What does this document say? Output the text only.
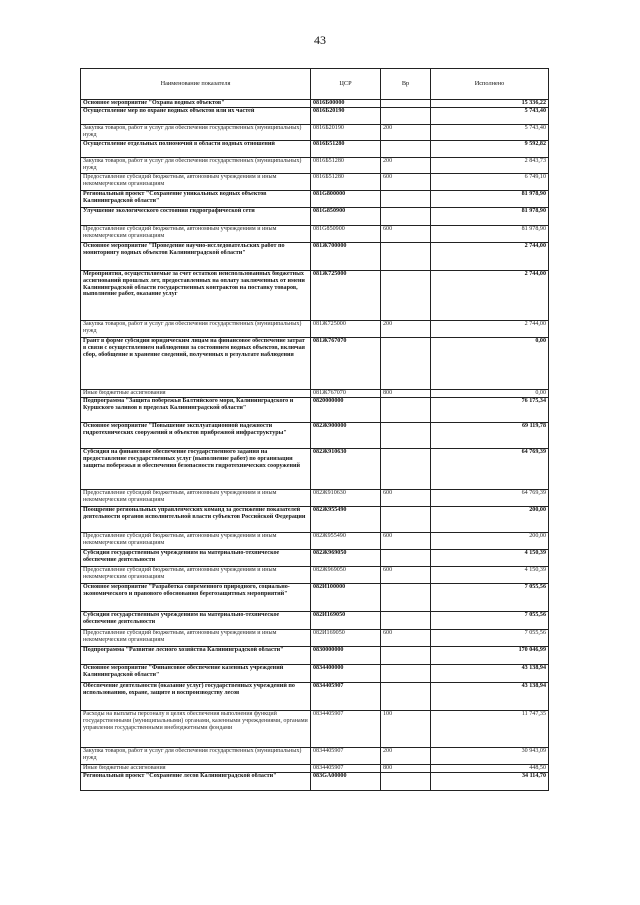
43
Наименование показателя	ЦСР	Вр	Исполнено
Основное мероприятие "Охрана водных объектов"	0816Б00000		15 336,22
Осуществление мер по охране водных объектов или их частей	0816Б20190		5 743,40
Закупка товаров, работ и услуг для обеспечения государственных (муниципальных) нужд	0816Б20190	200	5 743,40
Осуществление отдельных полномочий в области водных отношений	0816Б51280		9 592,82
Закупка товаров, работ и услуг для обеспечения государственных (муниципальных) нужд	0816Б51280	200	2 843,73
Предоставление субсидий бюджетным, автономным учреждениям и иным некоммерческим организациям	0816Б51280	600	6 749,10
Региональный проект "Сохранение уникальных водных объектов Калининградской области"	081G800000		81 978,90
Улучшение экологического состояния гидрографической сети	081G850900		81 978,90
Предоставление субсидий бюджетным, автономным учреждениям и иным некоммерческим организациям	081G850900	600	81 978,90
Основное мероприятие "Проведение научно-исследовательских работ по мониторингу водных объектов Калининградской области"	081Ж700000		2 744,00
Мероприятия, осуществляемые за счет остатков неиспользованных бюджетных ассигнований прошлых лет, предоставленных на оплату заключенных от имени Калининградской области государственных контрактов на поставку товаров, выполнение работ, оказание услуг	081Ж725000		2 744,00
Закупка товаров, работ и услуг для обеспечения государственных (муниципальных) нужд	081Ж725000	200	2 744,00
Грант в форме субсидии юридическим лицам на финансовое обеспечение затрат в связи с осуществлением наблюдения за состоянием водных объектов, включая сбор, обобщение и хранение сведений, полученных в результате наблюдения	081Ж767070		0,00
Иные бюджетные ассигнования	081Ж767070	800	0,00
Подпрограмма "Защита побережья Балтийского моря, Калининградского и Куршского заливов в пределах Калининградской области"	0820000000		76 175,34
Основное мероприятие "Повышение эксплуатационной надежности гидротехнических сооружений и объектов прибрежной инфраструктуры"	082Ж900000		69 119,78
Субсидия на финансовое обеспечение государственного задания на предоставление государственных услуг (выполнение работ) по организации защиты побережья и обеспечения безопасности гидротехнических сооружений	082Ж910630		64 769,39
Предоставление субсидий бюджетным, автономным учреждениям и иным некоммерческим организациям	082Ж910630	600	64 769,39
Поощрение региональных управленческих команд за достижение показателей деятельности органов исполнительной власти субъектов Российской Федерации	082Ж955490		200,00
Предоставление субсидий бюджетным, автономным учреждениям и иным некоммерческим организациям	082Ж955490	600	200,00
Субсидии государственным учреждениям на материально-техническое обеспечение деятельности	082Ж969050		4 150,39
Предоставление субсидий бюджетным, автономным учреждениям и иным некоммерческим организациям	082Ж969050	600	4 150,39
Основное мероприятие "Разработка современного природного, социально-экономического и правового обоснования берегозащитных мероприятий"	082И100000		7 055,56
Субсидии государственным учреждениям на материально-техническое обеспечение деятельности	082И169050		7 055,56
Предоставление субсидий бюджетным, автономным учреждениям и иным некоммерческим организациям	082И169050	600	7 055,56
Подпрограмма "Развитие лесного хозяйства Калининградской области"	0830000000		170 046,99
Основное мероприятие "Финансовое обеспечение казенных учреждений Калининградской области"	0834400000		43 138,94
Обеспечение деятельности (оказание услуг) государственных учреждений по использованию, охране, защите и воспроизводству лесов	0834405907		43 138,94
Расходы на выплаты персоналу в целях обеспечения выполнения функций государственными (муниципальными) органами, казенными учреждениями, органами управления государственными внебюджетными фондами	0834405907	100	11 747,35
Закупка товаров, работ и услуг для обеспечения государственных (муниципальных) нужд	0834405907	200	30 943,09
Иные бюджетные ассигнования	0834405907	800	448,50
Региональный проект "Сохранение лесов Калининградской области"	083GA00000		34 114,70
